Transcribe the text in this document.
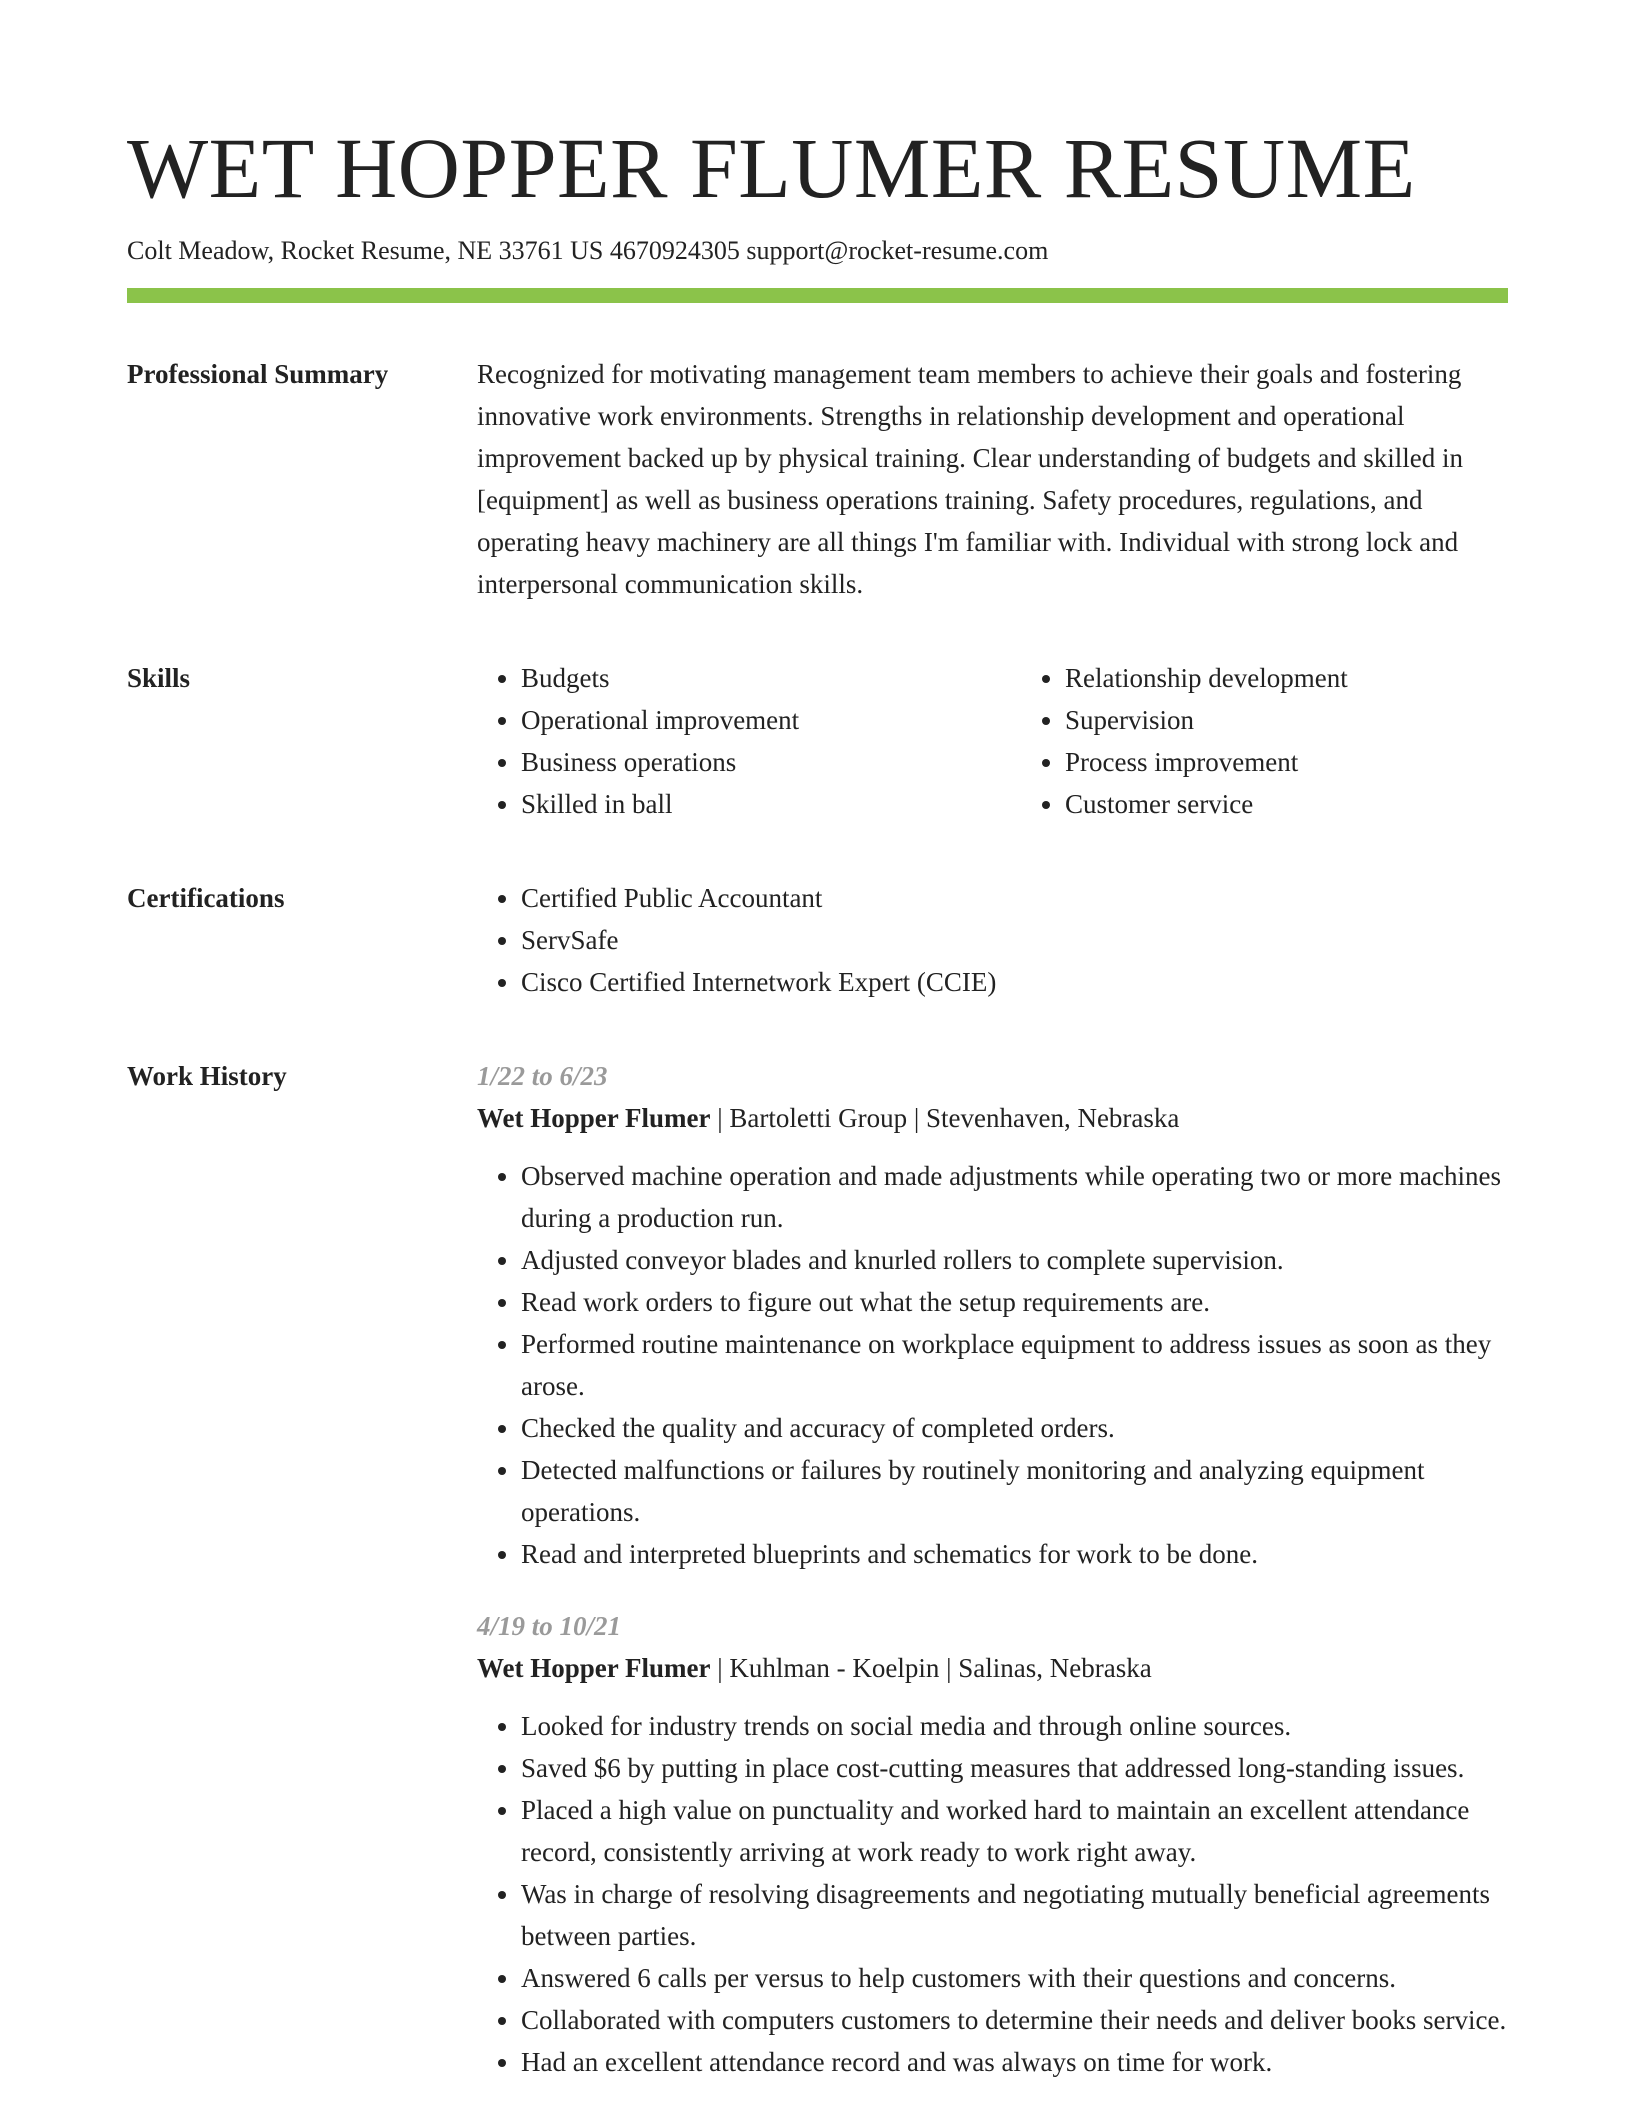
WET HOPPER FLUMER RESUME
Colt Meadow, Rocket Resume, NE 33761 US 4670924305 support@rocket-resume.com
Professional Summary	Recognized for motivating management team members to achieve their goals and fostering innovative work environments. Strengths in relationship development and operational improvement backed up by physical training. Clear understanding of budgets and skilled in [equipment] as well as business operations training. Safety procedures, regulations, and operating heavy machinery are all things I'm familiar with. Individual with strong lock and interpersonal communication skills.

Skills	• Budgets
• Operational improvement
• Business operations
• Skilled in ball
• Relationship development
• Supervision
• Process improvement
• Customer service
Certifications	• Certified Public Accountant
• ServSafe
• Cisco Certified Internetwork Expert (CCIE)
Work History	1/22 to 6/23
Wet Hopper Flumer | Bartoletti Group | Stevenhaven, Nebraska
• Observed machine operation and made adjustments while operating two or more machines during a production run.
• Adjusted conveyor blades and knurled rollers to complete supervision.
• Read work orders to figure out what the setup requirements are.
• Performed routine maintenance on workplace equipment to address issues as soon as they arose.
• Checked the quality and accuracy of completed orders.
• Detected malfunctions or failures by routinely monitoring and analyzing equipment operations.
• Read and interpreted blueprints and schematics for work to be done.
4/19 to 10/21
Wet Hopper Flumer | Kuhlman - Koelpin | Salinas, Nebraska
• Looked for industry trends on social media and through online sources.
• Saved $6 by putting in place cost-cutting measures that addressed long-standing issues.
• Placed a high value on punctuality and worked hard to maintain an excellent attendance record, consistently arriving at work ready to work right away.
• Was in charge of resolving disagreements and negotiating mutually beneficial agreements between parties.
• Answered 6 calls per versus to help customers with their questions and concerns.
• Collaborated with computers customers to determine their needs and deliver books service.
• Had an excellent attendance record and was always on time for work.
